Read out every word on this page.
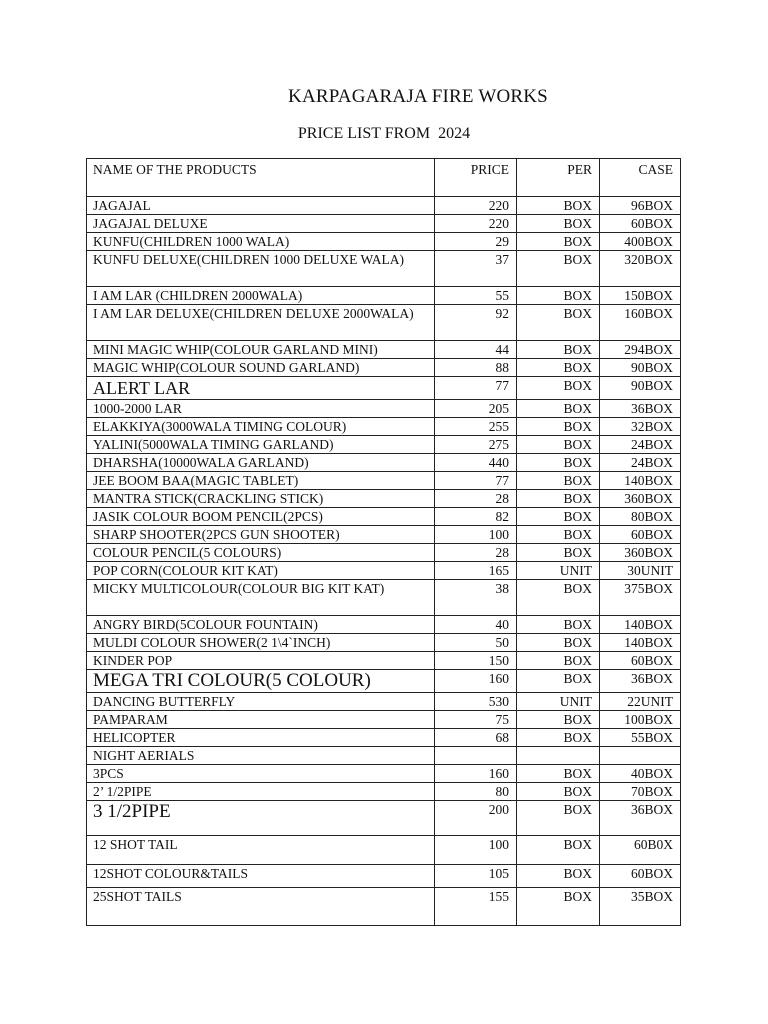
KARPAGARAJA FIRE WORKS
PRICE LIST FROM  2024
NAME OF THE PRODUCTS	PRICE	PER	CASE
JAGAJAL	220	BOX	96BOX
JAGAJAL DELUXE	220	BOX	60BOX
KUNFU(CHILDREN 1000 WALA)	29	BOX	400BOX
KUNFU DELUXE(CHILDREN 1000 DELUXE WALA)	37	BOX	320BOX
I AM LAR (CHILDREN 2000WALA)	55	BOX	150BOX
I AM LAR DELUXE(CHILDREN DELUXE 2000WALA)	92	BOX	160BOX
MINI MAGIC WHIP(COLOUR GARLAND MINI)	44	BOX	294BOX
MAGIC WHIP(COLOUR SOUND GARLAND)	88	BOX	90BOX
ALERT LAR	77	BOX	90BOX
1000-2000 LAR	205	BOX	36BOX
ELAKKIYA(3000WALA TIMING COLOUR)	255	BOX	32BOX
YALINI(5000WALA TIMING GARLAND)	275	BOX	24BOX
DHARSHA(10000WALA GARLAND)	440	BOX	24BOX
JEE BOOM BAA(MAGIC TABLET)	77	BOX	140BOX
MANTRA STICK(CRACKLING STICK)	28	BOX	360BOX
JASIK COLOUR BOOM PENCIL(2PCS)	82	BOX	80BOX
SHARP SHOOTER(2PCS GUN SHOOTER)	100	BOX	60BOX
COLOUR PENCIL(5 COLOURS)	28	BOX	360BOX
POP CORN(COLOUR KIT KAT)	165	UNIT	30UNIT
MICKY MULTICOLOUR(COLOUR BIG KIT KAT)	38	BOX	375BOX
ANGRY BIRD(5COLOUR FOUNTAIN)	40	BOX	140BOX
MULDI COLOUR SHOWER(2 1\4`INCH)	50	BOX	140BOX
KINDER POP	150	BOX	60BOX
MEGA TRI COLOUR(5 COLOUR)	160	BOX	36BOX
DANCING BUTTERFLY	530	UNIT	22UNIT
PAMPARAM	75	BOX	100BOX
HELICOPTER	68	BOX	55BOX
NIGHT AERIALS			
3PCS	160	BOX	40BOX
2’ 1/2PIPE	80	BOX	70BOX
3 1/2PIPE	200	BOX	36BOX
12 SHOT TAIL	100	BOX	60B0X
12SHOT COLOUR&TAILS	105	BOX	60BOX
25SHOT TAILS	155	BOX	35BOX
